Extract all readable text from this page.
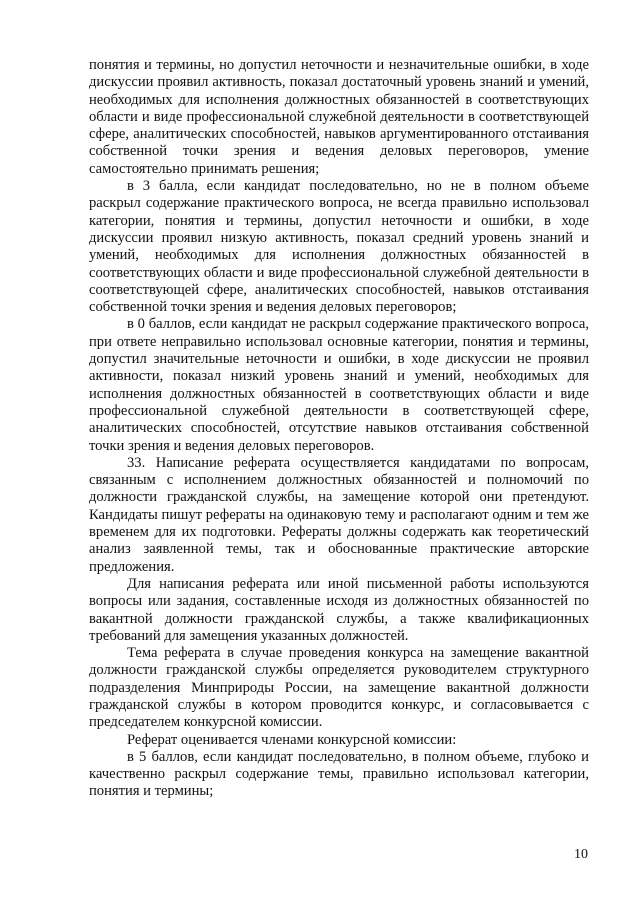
понятия и термины, но допустил неточности и незначительные ошибки, в ходе дискуссии проявил активность, показал достаточный уровень знаний и умений, необходимых для исполнения должностных обязанностей в соответствующих области и виде профессиональной служебной деятельности в соответствующей сфере, аналитических способностей, навыков аргументированного отстаивания собственной точки зрения и ведения деловых переговоров, умение самостоятельно принимать решения;

в 3 балла, если кандидат последовательно, но не в полном объеме раскрыл содержание практического вопроса, не всегда правильно использовал категории, понятия и термины, допустил неточности и ошибки, в ходе дискуссии проявил низкую активность, показал средний уровень знаний и умений, необходимых для исполнения должностных обязанностей в соответствующих области и виде профессиональной служебной деятельности в соответствующей сфере, аналитических способностей, навыков отстаивания собственной точки зрения и ведения деловых переговоров;

в 0 баллов, если кандидат не раскрыл содержание практического вопроса, при ответе неправильно использовал основные категории, понятия и термины, допустил значительные неточности и ошибки, в ходе дискуссии не проявил активности, показал низкий уровень знаний и умений, необходимых для исполнения должностных обязанностей в соответствующих области и виде профессиональной служебной деятельности в соответствующей сфере, аналитических способностей, отсутствие навыков отстаивания собственной точки зрения и ведения деловых переговоров.

33. Написание реферата осуществляется кандидатами по вопросам, связанным с исполнением должностных обязанностей и полномочий по должности гражданской службы, на замещение которой они претендуют. Кандидаты пишут рефераты на одинаковую тему и располагают одним и тем же временем для их подготовки. Рефераты должны содержать как теоретический анализ заявленной темы, так и обоснованные практические авторские предложения.

Для написания реферата или иной письменной работы используются вопросы или задания, составленные исходя из должностных обязанностей по вакантной должности гражданской службы, а также квалификационных требований для замещения указанных должностей.

Тема реферата в случае проведения конкурса на замещение вакантной должности гражданской службы определяется руководителем структурного подразделения Минприроды России, на замещение вакантной должности гражданской службы в котором проводится конкурс, и согласовывается с председателем конкурсной комиссии.

Реферат оценивается членами конкурсной комиссии:

в 5 баллов, если кандидат последовательно, в полном объеме, глубоко и качественно раскрыл содержание темы, правильно использовал категории, понятия и термины;

10
